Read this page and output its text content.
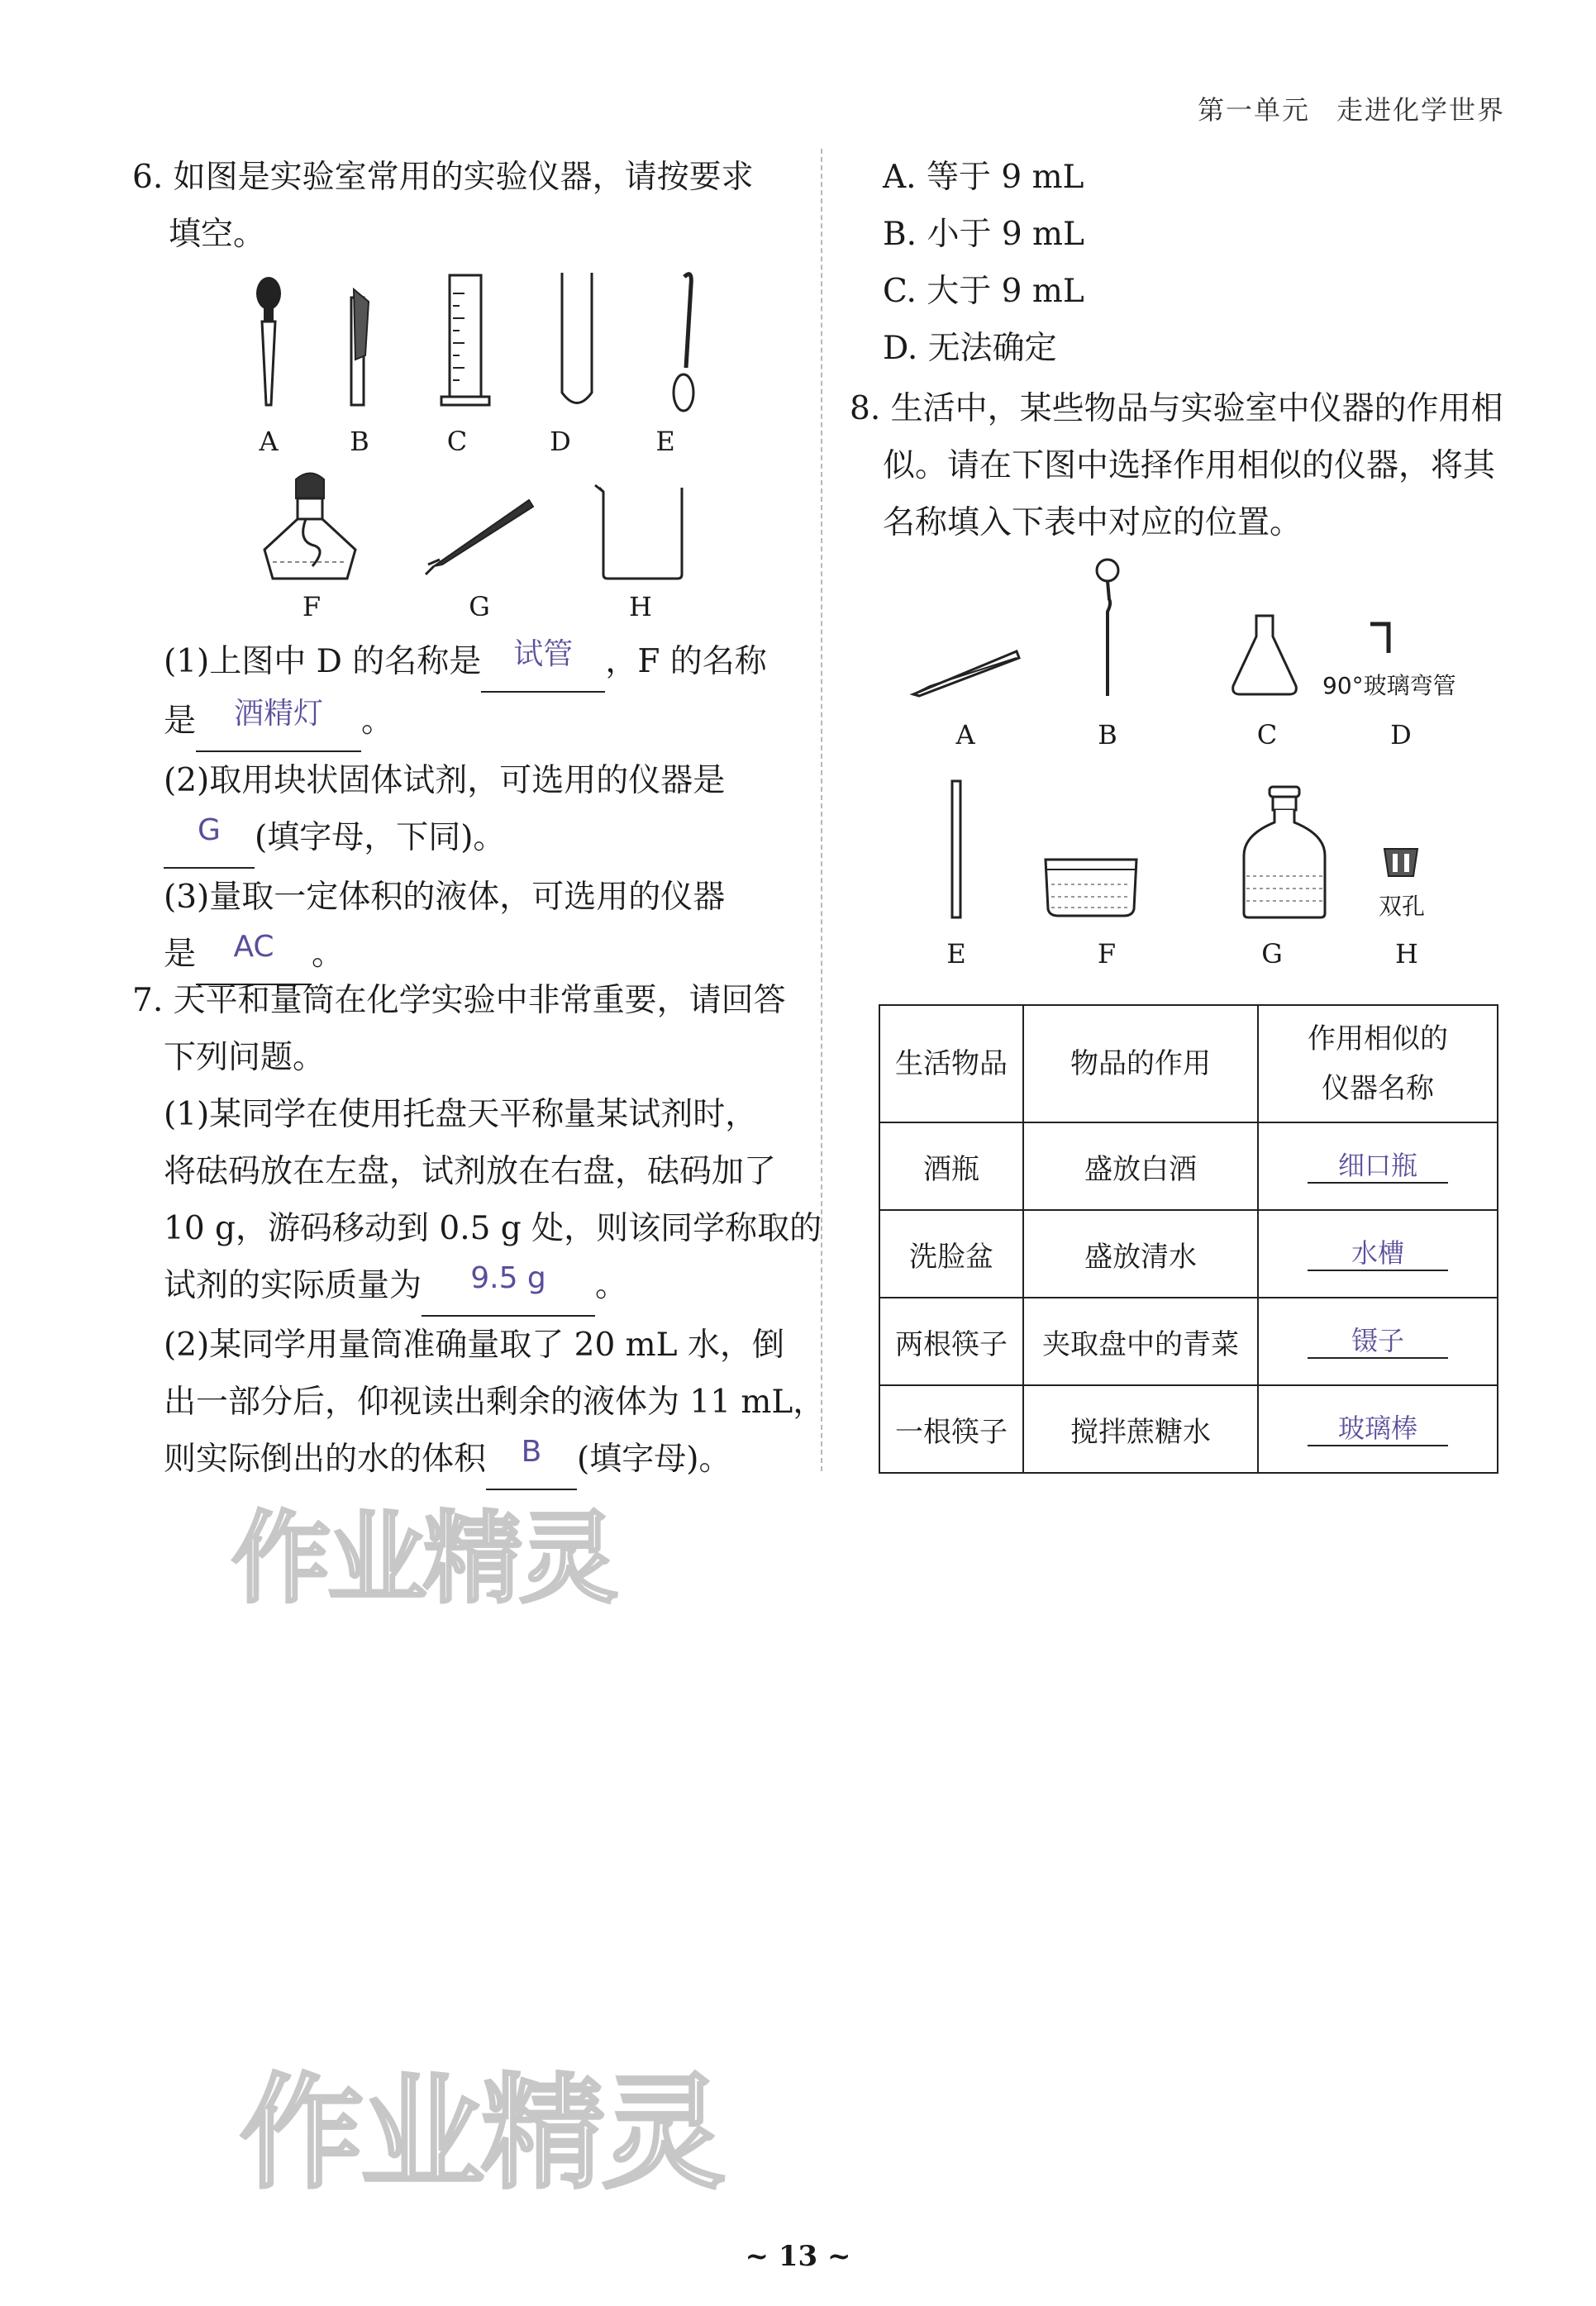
第一单元 走进化学世界
6. 如图是实验室常用的实验仪器，请按要求
填空。
A	B	C	D	E
F	G	H
(1)上图中 D 的名称是 试管 ，F 的名称
是 酒精灯 。
(2)取用块状固体试剂，可选用的仪器是
G (填字母，下同)。
(3)量取一定体积的液体，可选用的仪器
是 AC 。
7. 天平和量筒在化学实验中非常重要，请回答
下列问题。
(1)某同学在使用托盘天平称量某试剂时，
将砝码放在左盘，试剂放在右盘，砝码加了
10 g，游码移动到 0.5 g 处，则该同学称取的
试剂的实际质量为 9.5 g 。
(2)某同学用量筒准确量取了 20 mL 水，倒
出一部分后，仰视读出剩余的液体为 11 mL，
则实际倒出的水的体积 B (填字母)。
A. 等于 9 mL
B. 小于 9 mL
C. 大于 9 mL
D. 无法确定
8. 生活中，某些物品与实验室中仪器的作用相
似。请在下图中选择作用相似的仪器，将其
名称填入下表中对应的位置。
90°玻璃弯管
A	B	C	D
双孔
E	F	G	H
生活物品	物品的作用	作用相似的
仪器名称

酒瓶	盛放白酒	细口瓶
洗脸盆	盛放清水	水槽
两根筷子	夹取盘中的青菜	镊子
一根筷子	搅拌蔗糖水	玻璃棒
作业精灵
作业精灵
~ 13 ~
